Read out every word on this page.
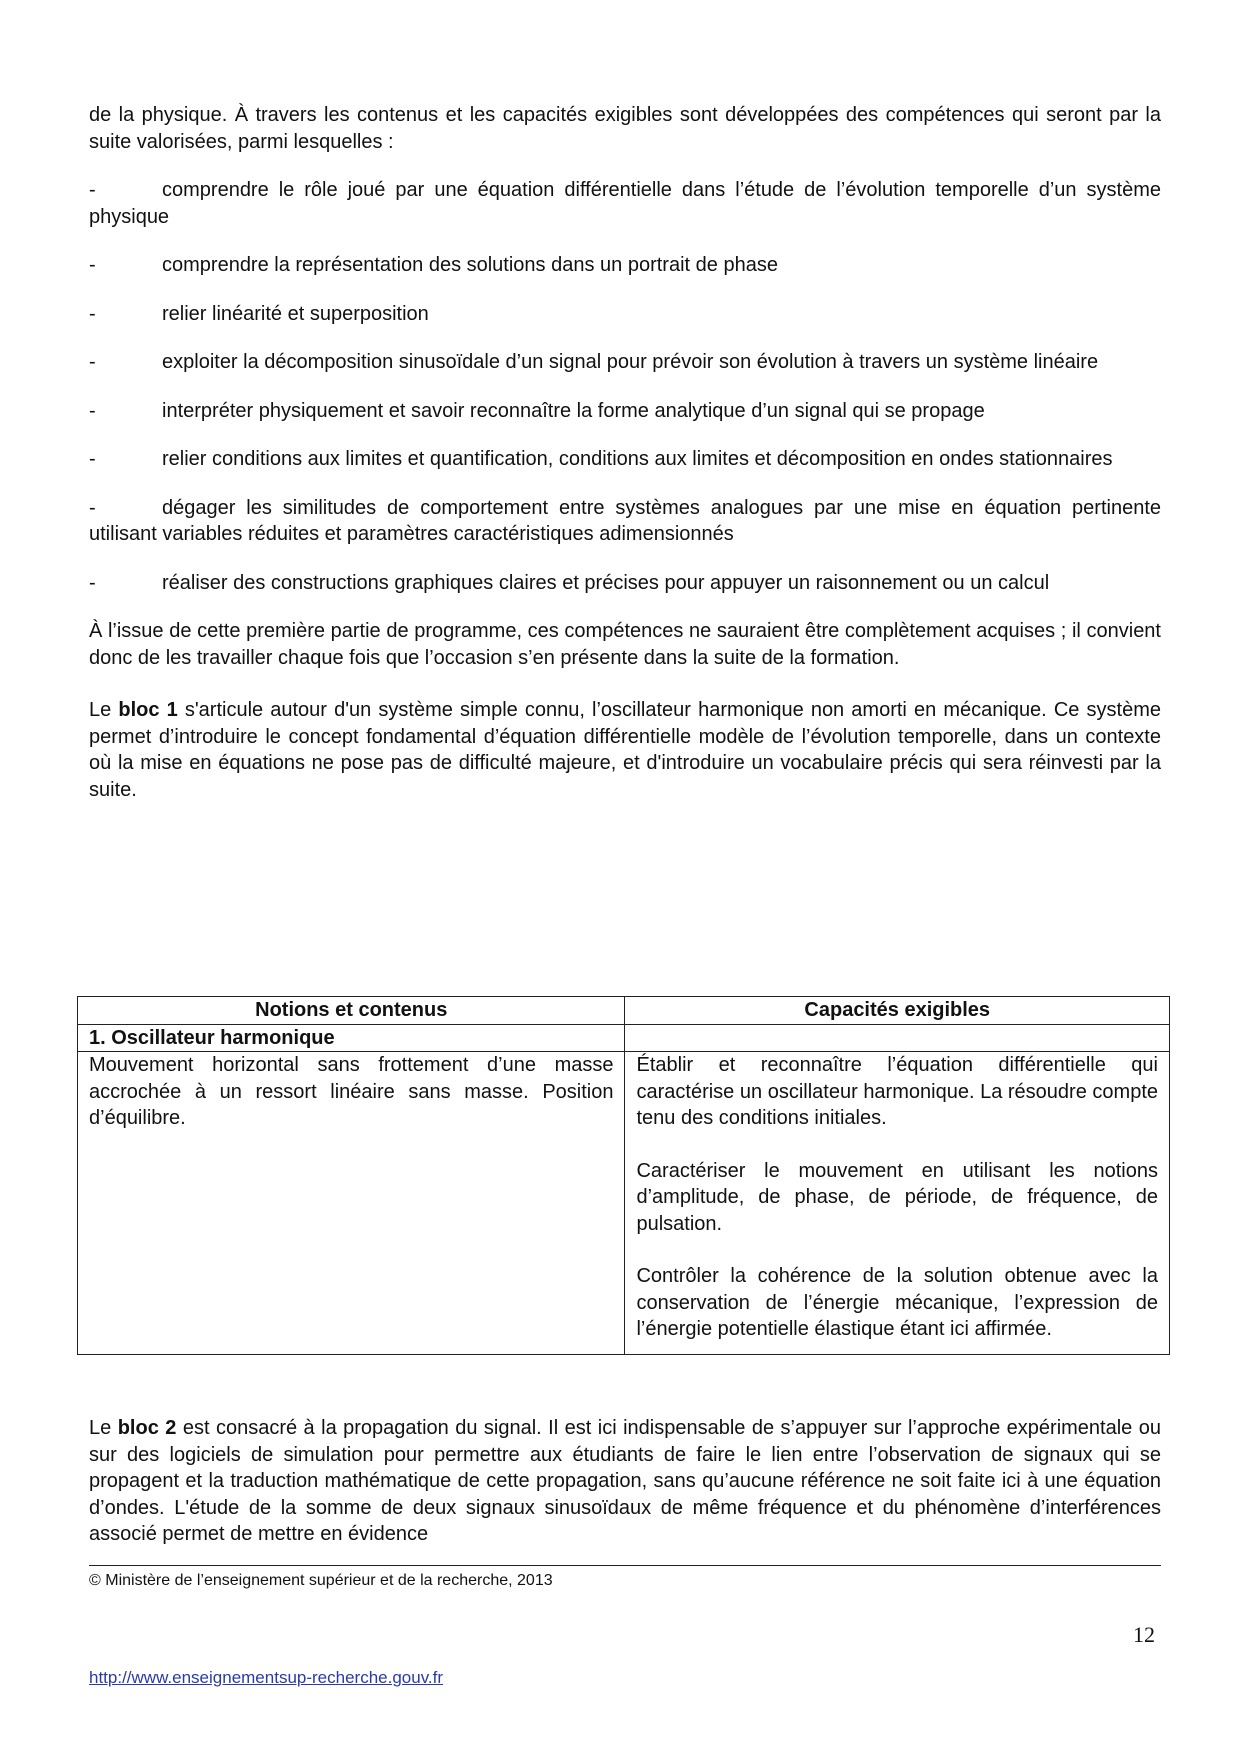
de la physique. À travers les contenus et les capacités exigibles sont développées des compétences qui seront par la suite valorisées, parmi lesquelles :

-	comprendre le rôle joué par une équation différentielle dans l’étude de l’évolution temporelle d’un système physique

-	comprendre la représentation des solutions dans un portrait de phase

-	relier linéarité et superposition

-	exploiter la décomposition sinusoïdale d’un signal pour prévoir son évolution à travers un système linéaire

-	interpréter physiquement et savoir reconnaître la forme analytique d’un signal qui se propage

-	relier conditions aux limites et quantification, conditions aux limites et décomposition en ondes stationnaires

-	dégager les similitudes de comportement entre systèmes analogues par une mise en équation pertinente utilisant variables réduites et paramètres caractéristiques adimensionnés

-	réaliser des constructions graphiques claires et précises pour appuyer un raisonnement ou un calcul

À l’issue de cette première partie de programme, ces compétences ne sauraient être complètement acquises ; il convient donc de les travailler chaque fois que l’occasion s’en présente dans la suite de la formation.

Le bloc 1 s'articule autour d'un système simple connu, l’oscillateur harmonique non amorti en mécanique. Ce système permet d’introduire le concept fondamental d’équation différentielle modèle de l’évolution temporelle, dans un contexte où la mise en équations ne pose pas de difficulté majeure, et d'introduire un vocabulaire précis qui sera réinvesti par la suite.

Notions et contenus	Capacités exigibles
1. Oscillateur harmonique	
Mouvement horizontal sans frottement d’une masse accrochée à un ressort linéaire sans masse. Position d’équilibre.	Établir et reconnaître l’équation différentielle qui caractérise un oscillateur harmonique. La résoudre compte tenu des conditions initiales.

Caractériser le mouvement en utilisant les notions d’amplitude, de phase, de période, de fréquence, de pulsation.

Contrôler la cohérence de la solution obtenue avec la conservation de l’énergie mécanique, l’expression de l’énergie potentielle élastique étant ici affirmée.

Le bloc 2 est consacré à la propagation du signal. Il est ici indispensable de s’appuyer sur l’approche expérimentale ou sur des logiciels de simulation pour permettre aux étudiants de faire le lien entre l’observation de signaux qui se propagent et la traduction mathématique de cette propagation, sans qu’aucune référence ne soit faite ici à une équation d’ondes. L'étude de la somme de deux signaux sinusoïdaux de même fréquence et du phénomène d’interférences associé permet de mettre en évidence

© Ministère de l’enseignement supérieur et de la recherche, 2013
12
http://www.enseignementsup-recherche.gouv.fr
